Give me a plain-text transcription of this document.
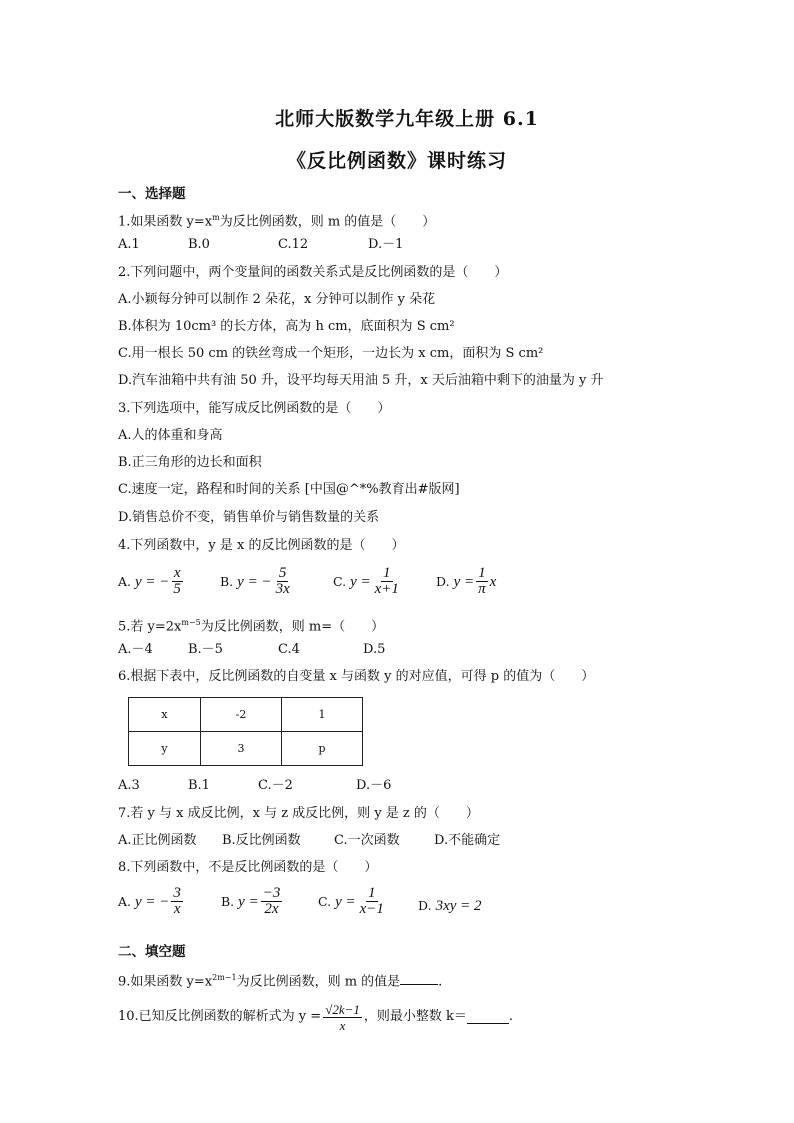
北师大版数学九年级上册 6.1
《反比例函数》课时练习
一、选择题
1.如果函数 $y=x^m$为反比例函数，则 m 的值是（　　）
A.1	B.0	C.12	D.－1
2.下列问题中，两个变量间的函数关系式是反比例函数的是（　　）
A.小颖每分钟可以制作 2 朵花，x 分钟可以制作 y 朵花
B.体积为 10cm³ 的长方体，高为 h cm，底面积为 S cm²
C.用一根长 50 cm 的铁丝弯成一个矩形，一边长为 x cm，面积为 S cm²
D.汽车油箱中共有油 50 升，设平均每天用油 5 升，x 天后油箱中剩下的油量为 y 升
3.下列选项中，能写成反比例函数的是（　　）
A.人的体重和身高
B.正三角形的边长和面积
C.速度一定，路程和时间的关系 [中国@^*%教育出#版网]
D.销售总价不变，销售单价与销售数量的关系
4.下列函数中，y 是 x 的反比例函数的是（　　）
A. y = − $\frac{x}{5}$	B. y = − $\frac{5}{3x}$	C. $y = \frac{1}{x+1}$	D. $y = \frac{1}{\pi}$ x
5.若 $y=2x^{m-5}$为反比例函数，则 m=（　　）
A.－4	B.－5	C.4	D.5
6.根据下表中，反比例函数的自变量 x 与函数 y 的对应值，可得 p 的值为（　　）
x	-2	1
y	3	p
A.3	B.1	C.－2	D.－6
7.若 y 与 x 成反比例，x 与 z 成反比例，则 y 是 z 的（　　）
A.正比例函数 B.反比例函数	C.一次函数	D.不能确定
8.下列函数中，不是反比例函数的是（　　）
A. y = − $\frac{3}{x}$	B. $y = \frac{-3}{2x}$	C. $y = \frac{1}{x-1}$	D. 3xy = 2
二、填空题
9.如果函数 $y=x^{2m-1}$为反比例函数，则 m 的值是	.
10.已知反比例函数的解析式为 $y = \frac{√2k-1}{x}$ ，则最小整数 k＝	.
